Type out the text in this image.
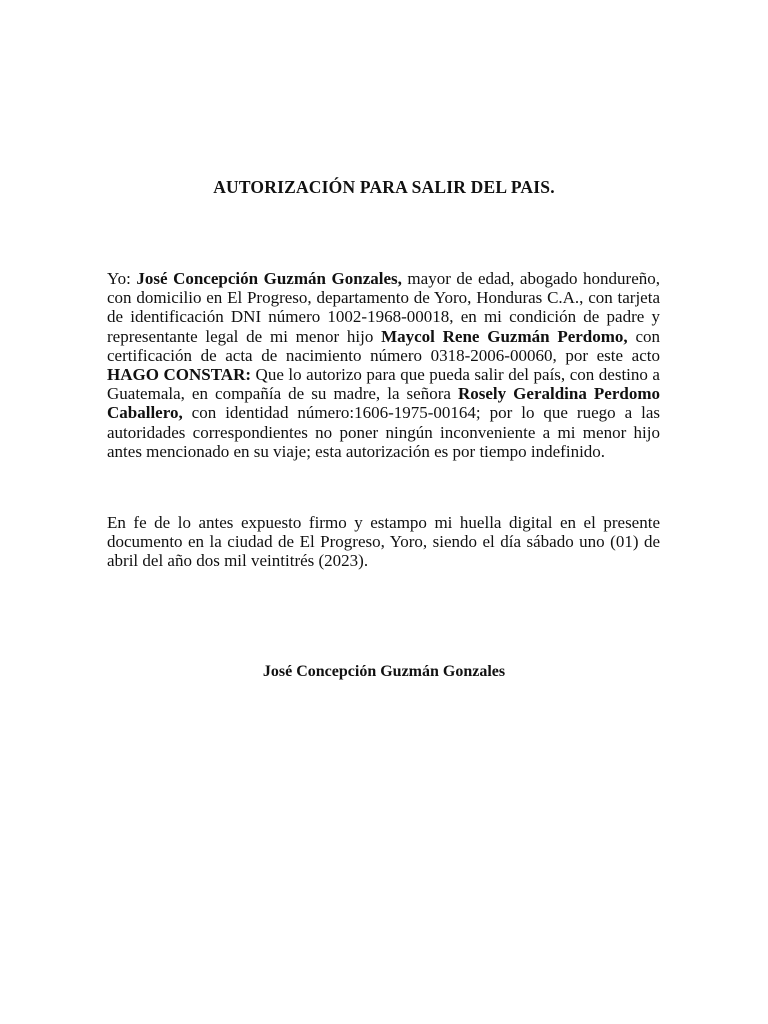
AUTORIZACIÓN PARA SALIR DEL PAIS.

Yo: José Concepción Guzmán Gonzales, mayor de edad, abogado hondureño, con domicilio en El Progreso, departamento de Yoro, Honduras C.A., con tarjeta de identificación DNI número 1002-1968-00018, en mi condición de padre y representante legal de mi menor hijo Maycol Rene Guzmán Perdomo, con certificación de acta de nacimiento número 0318-2006-00060, por este acto HAGO CONSTAR: Que lo autorizo para que pueda salir del país, con destino a Guatemala, en compañía de su madre, la señora Rosely Geraldina Perdomo Caballero, con identidad número:1606-1975-00164; por lo que ruego a las autoridades correspondientes no poner ningún inconveniente a mi menor hijo antes mencionado en su viaje; esta autorización es por tiempo indefinido.

En fe de lo antes expuesto firmo y estampo mi huella digital en el presente documento en la ciudad de El Progreso, Yoro, siendo el día sábado uno (01) de abril del año dos mil veintitrés (2023).

José Concepción Guzmán Gonzales
